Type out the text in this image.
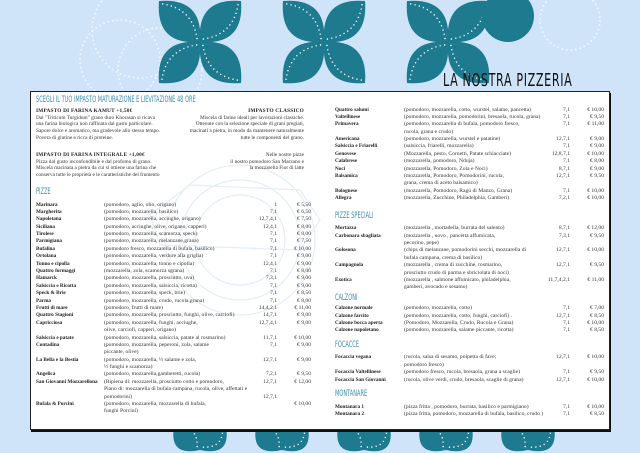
LA NOSTRA PIZZERIA
SCEGLI IL TUO IMPASTO MATURAZIONE E LIEVITAZIONE 48 ORE
IMPASTO DI FARINA KAMUT +1,50€
Dal "Triticum Turgidum" grano duro Khorasan si ricava
una farina biologica non raffinata dal gusto particolare.
Sapore dolce e aromatico, ma gradevole allo stesso tempo.
Povera di glutine e ricca di proteine.
IMPASTO DI FARINA INTEGRALE +1,00€
Pizza dal gusto inconfondibile e dal profumo di grano.
Miscela macinata a pietra da cui si ottiene una farina che
conserva tutte le proprietà e le caratteristiche del frumento
IMPASTO CLASSICO
Miscela di farine ideali per lavorazioni classiche.
Ottenute con la selezione speciale di grani pregiati,
macinati a pietra, in modo da mantenere naturalmente
tutte le componenti del grano.
Nelle nostre pizze
il nostro pomodoro San Marzano e
la mozzarella Fior di latte
PIZZE
Marinara	(pomodoro, aglio, olio, origano)	1	€ 5,50
Margherita	(pomodoro, mozzarella, basilico)	7,1	€ 6,50
Napoletana	(pomodoro, mozzarella, acciughe, origano)	12,7,4,1	€ 7,50
Siciliana	(pomodoro, acciughe, olive, origano, capperi)	12,4,1	€ 8,00
Tirolese	(pomodoro, mozzarella, scamorza, speck)	7,1	€ 8,00
Parmigiana	(pomodoro, mozzarella, melanzane,grana)	7,1	€ 7,50
Bufalina	(pomodoro fresco, mozzarella di bufala, basilico)	7,1	€ 10,00
Ortolana	(pomodoro, mozzarella, verdure alla griglia)	7,1	€ 9,00
Tonno e cipolla	(pomodoro, mozzarella, tonno e cipolla)	12,4,1	€ 9,00
Quattro formaggi	(mozzarella, zola, scamorza sgrana)	7,1	€ 8,00
Hamarck	(pomodoro, mozzarella, prosciutto, uva)	7,3,1	€ 9,00
Salsiccia e Ricotta	(pomodoro, mozzarella, salsiccia, ricotta)	7,1	€ 9,00
Speck & Brie	(pomodoro, mozzarella, speck, brie)	7,1	€ 8,50
Parma	(pomodoro, mozzarella, crudo, rucola,grana)	7,1	€ 8,00
Frutti di mare	(pomodoro, frutti di mare)	14,4,2,1	€ 11,00
Quattro Stagioni	(pomodoro, mozzarella, prosciutto, funghi, olive, carciofi)	14,7,1	€ 9,00
Capricciosa	(pomodoro, mozzarella, funghi, acciughe,	12,7,4,1	€ 9,00
olive, carciofi, capperi, origano)
Salsiccia e patate	(pomodoro, mozzarella, salsiccia, patate al rosmarino)	11,7,1	€ 10,00
Contadina	(pomodoro, mozzarella, peperoni, zola, salame	7,1	€ 9,00
piccante, olive)
La Bella e la Bestia	(pomodoro, mozzarella, ½ salame e zola,	12,7,1	€ 9,00
½ funghi e scamorza)
Angelica	(pomodoro, mozzarella,gamberetti, rucola)	7,2,1	€ 9,50
San Giovanni Mozzarellona (Ripiena di: mozzarella, prosciutto cotto e pomodoro,	12,7,1	€ 12,00
Piano di: mozzarella di bufala campana, rucola, olive, affettati e
pomodorini)	12,7,1
Bufala & Porcini	(pomodoro, mozzarella, mozzarella di bufala,	€ 10,00
funghi Porcini)
Quattro salumi	(pomodoro, mozzarella, cotto, wurstel, salame, pancetta)	7,1	€ 10,00
Valtellinese	(pomodoro, mozzarella, pomodorini, bresaola, rucola, grana)	7,1	€ 9,50
Primavera	(pomodoro, mozzarella di bufala, pomodoro fresco,	7,1	€ 11,00
rucola, grana e crudo)
Americana	(pomodoro, mozzarella, wurstel e patatine)	12,7,1	€ 9,00
Salsiccia e Friarelli	(salsiccia, friarelli, mozzarella)	7,1	€ 9,00
Genovese	(Mozzarella, pesto, Cornetti, Patate schiacciate)	12,8,7,1	€ 10,00
Calabrese	(mozzarella, pomodoro, Nduja)	7,1	€ 8,00
Noci	(mozzarella, Pomodoro, Zola e Noci)	8,7,1	€ 9,00
Balsamica	(mozzarella, Pomodoro, Pomodorini, rucola,	12,7,1	€ 9,50
grana, crema di aceto balsamico)
Bolognese	(mozzarella, Pomodoro, Ragù di Manzo, Grana)	7,1	€ 10,00
Allegra	(mozzarella, Zucchine, Philadelphia, Gamberi)	7,2,1	€ 10,00
PIZZE SPECIALI
Mortazza	(mozzarella , mortadella, burrata del salento)	8,7,1	€ 12,00
Carbonara sbagliata	(mozzarella , uovo , pancetta affumicata,	7,3,1	€ 9,50
pecorino, pepe)
Golosona	(chips di melanzane, pomodorini secchi, mozzarella di	12,7,1	€ 10,00
bufala campana, crema di basilico)
Campagnola	(mozzarella , crema di zucchine, rosmarino,	12,7,1	€ 9,50
prosciutto crudo di parma e sbriciolata di noci)
Exotica	(mozzarella , salmone affumicato, philadelphia,	11,7,4,2,1	€ 11,00
gamberi, avocado e sesamo)
CALZONI
Calzone normale	(pomodoro, mozzarella, cotto)	7,1	€ 7,00
Calzone farcito	(pomodoro, mozzarella, cotto, funghi, carciofi) .	12,7,1	€ 8,50
Calzone bocca aperta	(Pomodoro, Mozzarella, Crudo, Rucola e Grana)	7,1	€ 10,00
Calzone napoletano	(pomodoro, mozzarella, salame piccante, ricotta)	7,1	€ 8,50
FOCACCE
Focaccia vegana	(rucola, salsa di sesamo, polpetta di fave;	12,7,1	€ 10,00
pomodoro fresco)
Focaccia Valtellinese	(pomodoro fresco, rucola, bresaola, grana a scaglie)	7,1	€ 9,50
Focaccia San Giovanni	(rucola, olive verdi, crudo, bresaola, scaglie di grana)	12,7,1	€ 10,00
MONTANARE
Montanara 1	(pizza fritta , pomodoro, burrata, basilico e parmigiano)	7,1	€ 10,00
Montanara 2	(pizza fritta, pomodoro, mozzarella di bufala, basilico, crudo )	7,1	€ 8,50
